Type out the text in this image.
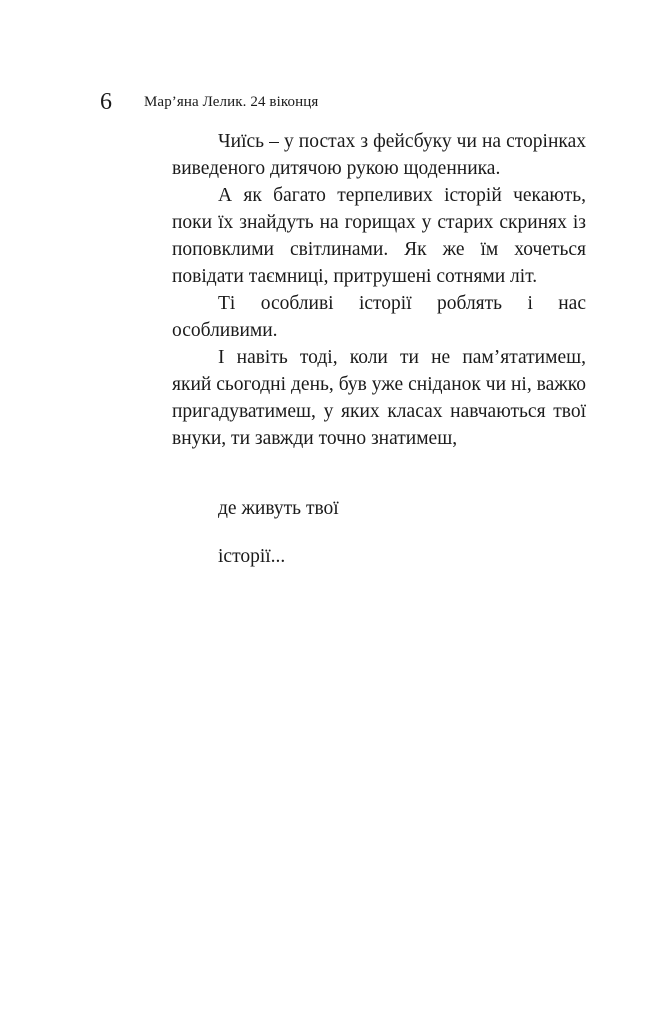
6 Мар’яна Лелик. 24 віконця

Чиїсь – у постах з фейсбуку чи на сторінках виведеного дитячою рукою щоденника.

А як багато терпеливих історій чекають, поки їх знайдуть на горищах у старих скринях із поповклими світлинами. Як же їм хочеться повідати таємниці, притрушені сотнями літ.

Ті особливі історії роблять і нас особливими.

І навіть тоді, коли ти не пам’ятатимеш, який сьогодні день, був уже сніданок чи ні, важко пригадуватимеш, у яких класах навчаються твої внуки, ти завжди точно знатимеш,

де живуть твої
історії...
